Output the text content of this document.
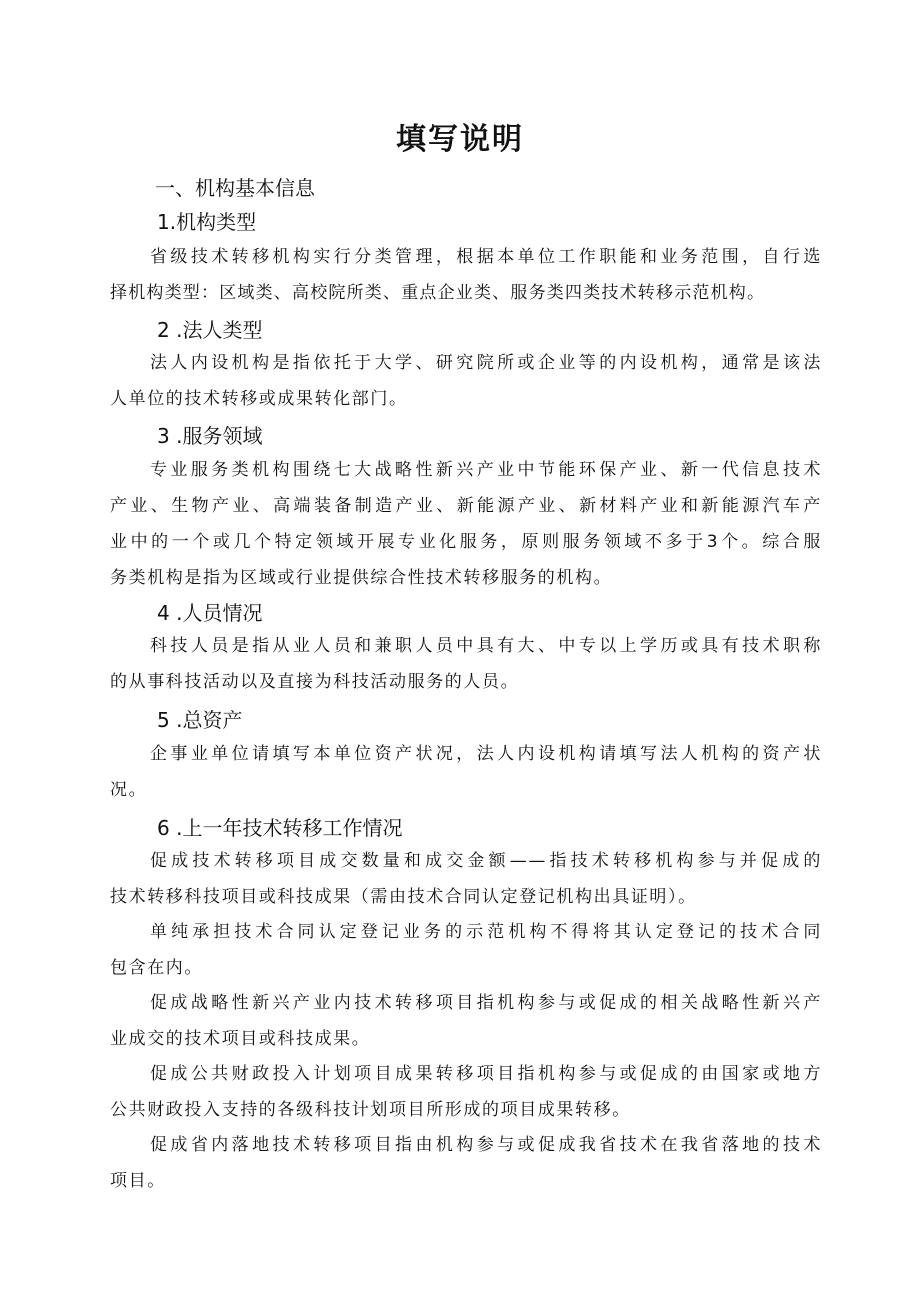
填写说明
一、机构基本信息
1.机构类型
省级技术转移机构实行分类管理，根据本单位工作职能和业务范围，自行选
择机构类型：区域类、高校院所类、重点企业类、服务类四类技术转移示范机构。
2 .法人类型
法人内设机构是指依托于大学、研究院所或企业等的内设机构，通常是该法
人单位的技术转移或成果转化部门。
3 .服务领域
专业服务类机构围绕七大战略性新兴产业中节能环保产业、新一代信息技术
产业、生物产业、高端装备制造产业、新能源产业、新材料产业和新能源汽车产
业中的一个或几个特定领域开展专业化服务，原则服务领域不多于3个。综合服
务类机构是指为区域或行业提供综合性技术转移服务的机构。
4 .人员情况
科技人员是指从业人员和兼职人员中具有大、中专以上学历或具有技术职称
的从事科技活动以及直接为科技活动服务的人员。
5 .总资产
企事业单位请填写本单位资产状况，法人内设机构请填写法人机构的资产状
况。
6 .上一年技术转移工作情况
促成技术转移项目成交数量和成交金额——指技术转移机构参与并促成的
技术转移科技项目或科技成果（需由技术合同认定登记机构出具证明）。
单纯承担技术合同认定登记业务的示范机构不得将其认定登记的技术合同
包含在内。
促成战略性新兴产业内技术转移项目指机构参与或促成的相关战略性新兴产
业成交的技术项目或科技成果。
促成公共财政投入计划项目成果转移项目指机构参与或促成的由国家或地方
公共财政投入支持的各级科技计划项目所形成的项目成果转移。
促成省内落地技术转移项目指由机构参与或促成我省技术在我省落地的技术
项目。
